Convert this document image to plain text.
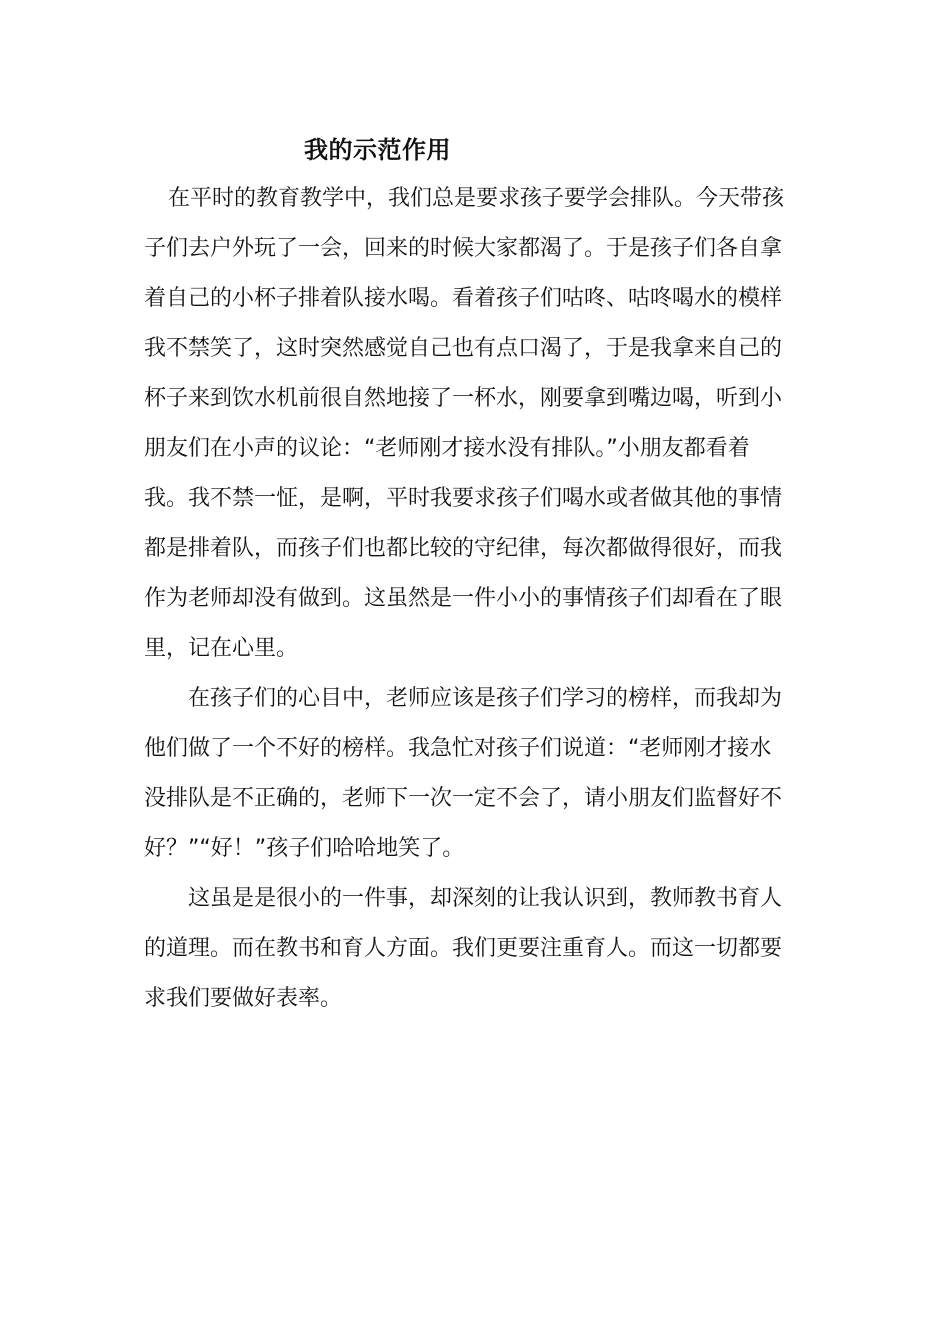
我的示范作用

在平时的教育教学中，我们总是要求孩子要学会排队。今天带孩

子们去户外玩了一会，回来的时候大家都渴了。于是孩子们各自拿

着自己的小杯子排着队接水喝。看着孩子们咕咚、咕咚喝水的模样

我不禁笑了，这时突然感觉自己也有点口渴了，于是我拿来自己的

杯子来到饮水机前很自然地接了一杯水，刚要拿到嘴边喝，听到小

朋友们在小声的议论：“老师刚才接水没有排队。”小朋友都看着

我。我不禁一怔，是啊，平时我要求孩子们喝水或者做其他的事情

都是排着队，而孩子们也都比较的守纪律，每次都做得很好，而我

作为老师却没有做到。这虽然是一件小小的事情孩子们却看在了眼

里，记在心里。

在孩子们的心目中，老师应该是孩子们学习的榜样，而我却为

他们做了一个不好的榜样。我急忙对孩子们说道：“老师刚才接水

没排队是不正确的，老师下一次一定不会了，请小朋友们监督好不

好？”“好！”孩子们哈哈地笑了。

这虽是是很小的一件事，却深刻的让我认识到，教师教书育人

的道理。而在教书和育人方面。我们更要注重育人。而这一切都要

求我们要做好表率。
